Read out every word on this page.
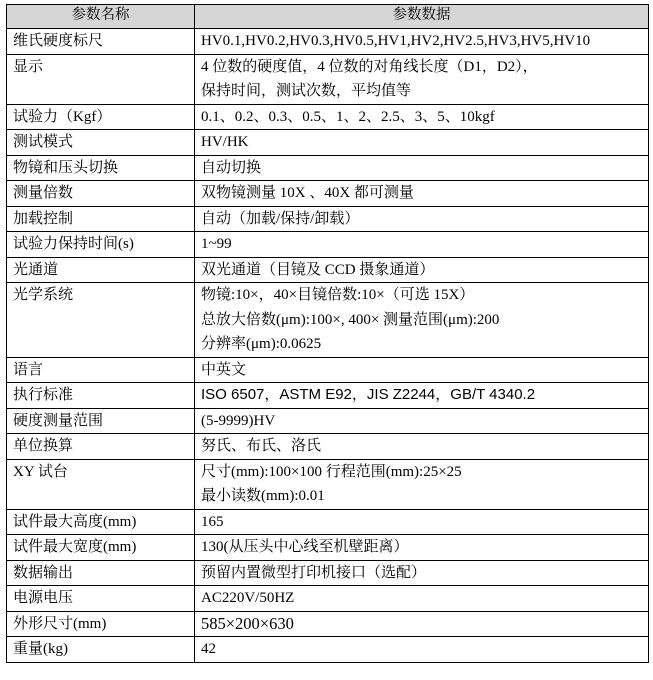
参数名称	参数数据

维氏硬度标尺	HV0.1,HV0.2,HV0.3,HV0.5,HV1,HV2,HV2.5,HV3,HV5,HV10

显示	4 位数的硬度值，4 位数的对角线长度（D1，D2），
保持时间，测试次数，平均值等

试验力（Kgf）	0.1、0.2、0.3、0.5、1、2、2.5、3、5、10kgf

测试模式	HV/HK

物镜和压头切换	自动切换

测量倍数	双物镜测量 10X 、40X 都可测量

加载控制	自动（加载/保持/卸载）

试验力保持时间(s)	1~99

光通道	双光通道（目镜及 CCD 摄象通道）

光学系统	物镜:10×，40×目镜倍数:10×（可选 15X）
总放大倍数(μm):100×, 400× 测量范围(μm):200
分辨率(μm):0.0625

语言	中英文

执行标准	ISO 6507，ASTM E92，JIS Z2244，GB/T 4340.2

硬度测量范围	(5-9999)HV

单位换算	努氏、布氏、洛氏

XY 试台	尺寸(mm):100×100 行程范围(mm):25×25
最小读数(mm):0.01

试件最大高度(mm)	165

试件最大宽度(mm)	130(从压头中心线至机壁距离）

数据输出	预留内置微型打印机接口（选配）

电源电压	AC220V/50HZ

外形尺寸(mm)	585×200×630

重量(kg)	42
